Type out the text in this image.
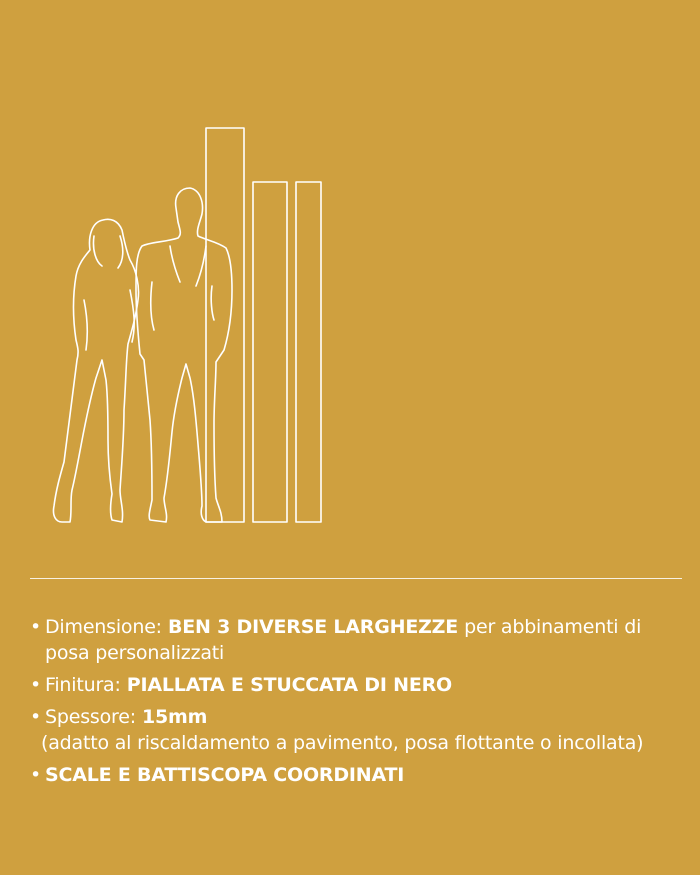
• Dimensione: BEN 3 DIVERSE LARGHEZZE per abbinamenti di posa personalizzati
• Finitura: PIALLATA E STUCCATA DI NERO
• Spessore: 15mm
(adatto al riscaldamento a pavimento, posa flottante o incollata)
• SCALE E BATTISCOPA COORDINATI
